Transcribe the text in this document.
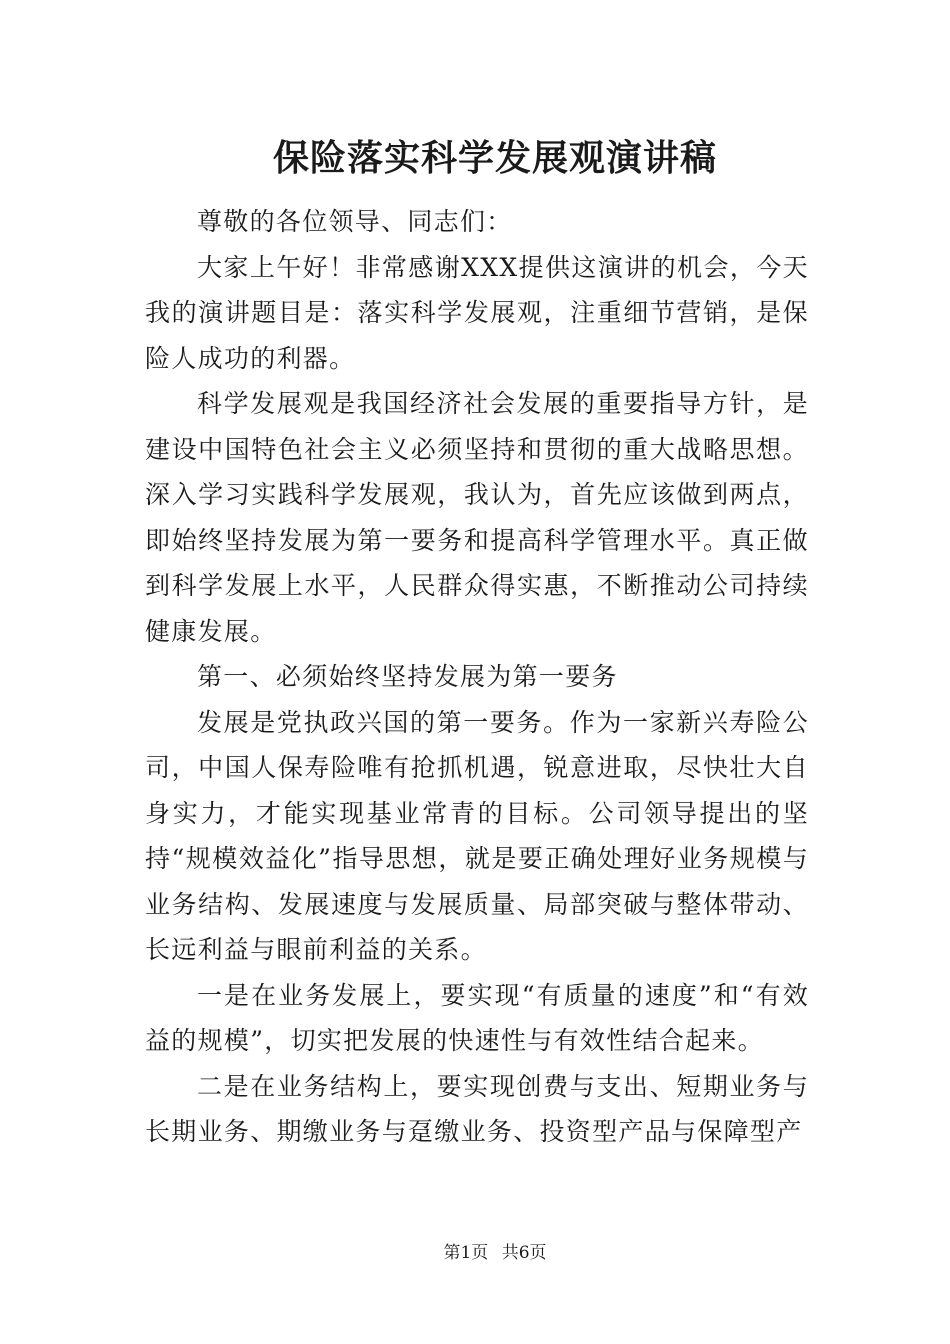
保险落实科学发展观演讲稿

尊敬的各位领导、同志们：

大家上午好！非常感谢XXX提供这演讲的机会，今天我的演讲题目是：落实科学发展观，注重细节营销，是保险人成功的利器。

科学发展观是我国经济社会发展的重要指导方针，是建设中国特色社会主义必须坚持和贯彻的重大战略思想。深入学习实践科学发展观，我认为，首先应该做到两点，即始终坚持发展为第一要务和提高科学管理水平。真正做到科学发展上水平，人民群众得实惠，不断推动公司持续健康发展。

第一、必须始终坚持发展为第一要务

发展是党执政兴国的第一要务。作为一家新兴寿险公司，中国人保寿险唯有抢抓机遇，锐意进取，尽快壮大自身实力，才能实现基业常青的目标。公司领导提出的坚持“规模效益化”指导思想，就是要正确处理好业务规模与业务结构、发展速度与发展质量、局部突破与整体带动、长远利益与眼前利益的关系。

一是在业务发展上，要实现“有质量的速度”和“有效益的规模”，切实把发展的快速性与有效性结合起来。

二是在业务结构上，要实现创费与支出、短期业务与长期业务、期缴业务与趸缴业务、投资型产品与保障型产

第1页 共6页
